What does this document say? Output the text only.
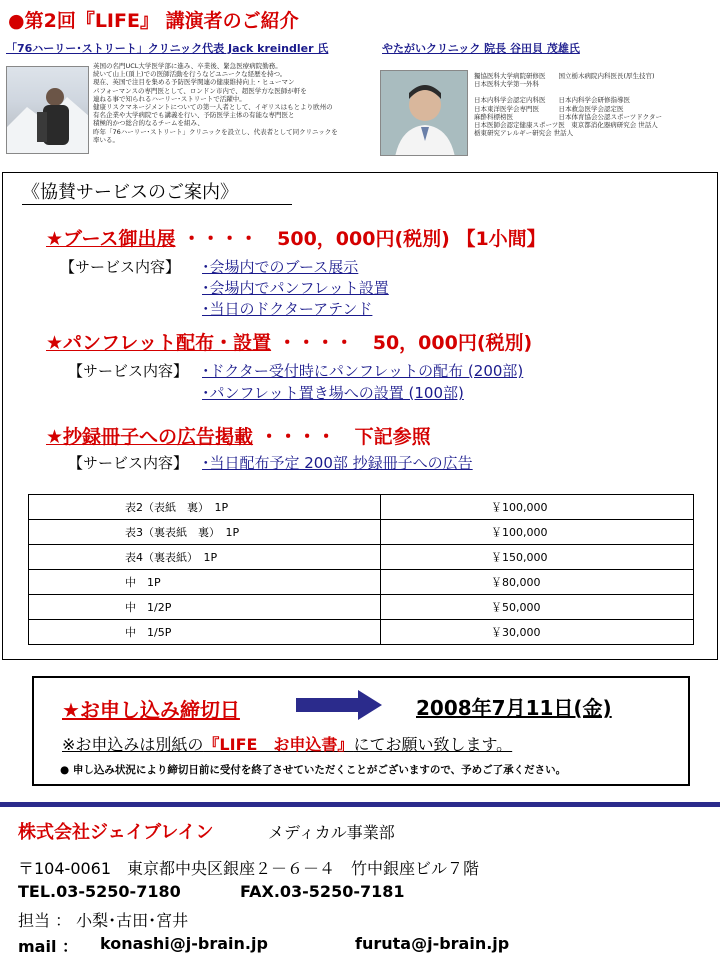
●第2回『LIFE』 講演者のご紹介
「76ハーリー･ストリート」クリニック代表 Jack kreindler 氏	やたがいクリニック 院長 谷田貝 茂雄氏
英国の名門UCL大学医学部に進み、卒業後、緊急医療病院勤務。
続いて山上(頂上)での医師活動を行うなどユニークな経歴を持つ。
現在、英国で注目を集める予防医学関連の健康維持向上・ヒューマン
パフォーマンスの専門医として、ロンドン市内で、超医学方な医師が軒を
連ねる事で知られるハーリー･ストリートで活躍中。
健康リスクマネージメントについての第一人者として、イギリスはもとより欧州の
有名企業や大学病院でも講義を行い、予防医学主体の有能な専門医と
積極的かつ総合的なるチームを組み、
昨年「76ハーリー･ストリート」クリニックを設立し、代表者として同クリニックを
率いる。
獨協医科大学病院研修医　　国立栃木病院内科医長(厚生技官)
日本医科大学第一外科
日本内科学会認定内科医　　日本内科学会研修指導医
日本東洋医学会専門医　　　日本救急医学会認定医
麻酔科標榜医　　　　　　　日本体育協会公認スポーツドクター
日本医師会認定健康スポーツ医　東京都消化器病研究会 世話人
栃東研究アレルギー研究会 世話人
《協賛サービスのご案内》
★ブース御出展 ・・・・　500，000円(税別) 【1小間】
【サービス内容】 ･会場内でのブース展示
･会場内でパンフレット設置
･当日のドクターアテンド
★パンフレット配布・設置 ・・・・　50，000円(税別)
【サービス内容】 ･ドクター受付時にパンフレットの配布 (200部)
･パンフレット置き場への設置 (100部)
★抄録冊子への広告掲載 ・・・・　下記参照
【サービス内容】 ･当日配布予定 200部 抄録冊子への広告
表2（表紙　裏）　1P	￥100,000
表3（裏表紙　裏）　1P	￥100,000
表4（裏表紙）　1P	￥150,000
中　1P	￥80,000
中　1/2P	￥50,000
中　1/5P	￥30,000
★お申し込み締切日	2008年7月11日(金)
※お申込みは別紙の『LIFE　お申込書』にてお願い致します。
● 申し込み状況により締切日前に受付を終了させていただくことがございますので、予めご了承ください。
株式会社ジェイブレイン	メディカル事業部
〒104-0061　東京都中央区銀座２－６－４　竹中銀座ビル７階
TEL.03-5250-7180	FAX.03-5250-7181
担当 ： 小梨･古田･宮井
mail ： konashi@j-brain.jp	furuta@j-brain.jp
